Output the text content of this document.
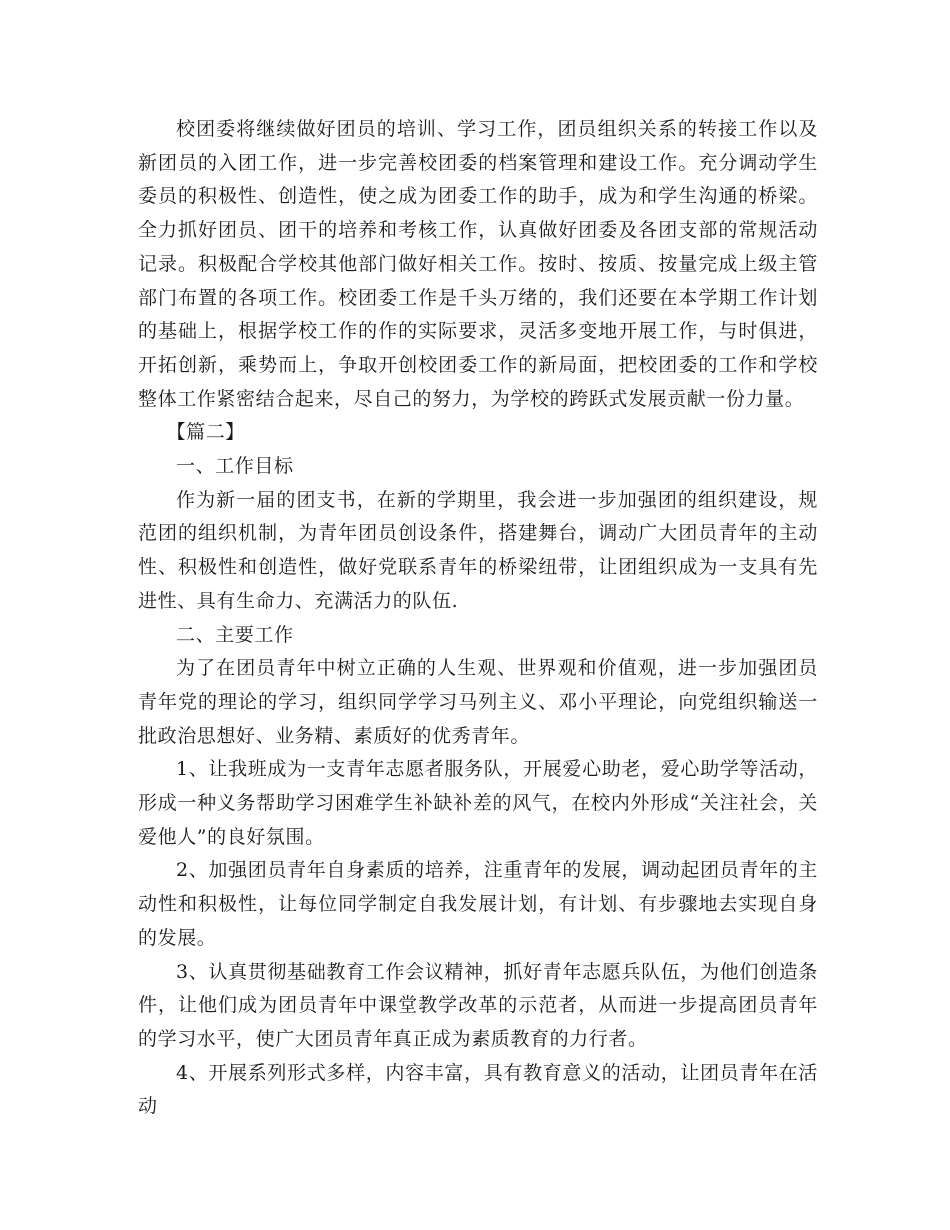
校团委将继续做好团员的培训、学习工作，团员组织关系的转接工作以及新团员的入团工作，进一步完善校团委的档案管理和建设工作。充分调动学生委员的积极性、创造性，使之成为团委工作的助手，成为和学生沟通的桥梁。全力抓好团员、团干的培养和考核工作，认真做好团委及各团支部的常规活动记录。积极配合学校其他部门做好相关工作。按时、按质、按量完成上级主管部门布置的各项工作。校团委工作是千头万绪的，我们还要在本学期工作计划的基础上，根据学校工作的作的实际要求，灵活多变地开展工作，与时俱进，开拓创新，乘势而上，争取开创校团委工作的新局面，把校团委的工作和学校整体工作紧密结合起来，尽自己的努力，为学校的跨跃式发展贡献一份力量。

【篇二】

一、工作目标

作为新一届的团支书，在新的学期里，我会进一步加强团的组织建设，规范团的组织机制，为青年团员创设条件，搭建舞台，调动广大团员青年的主动性、积极性和创造性，做好党联系青年的桥梁纽带，让团组织成为一支具有先进性、具有生命力、充满活力的队伍.

二、主要工作

为了在团员青年中树立正确的人生观、世界观和价值观，进一步加强团员青年党的理论的学习，组织同学学习马列主义、邓小平理论，向党组织输送一批政治思想好、业务精、素质好的优秀青年。

1、让我班成为一支青年志愿者服务队，开展爱心助老，爱心助学等活动，形成一种义务帮助学习困难学生补缺补差的风气，在校内外形成“关注社会，关爱他人”的良好氛围。

2、加强团员青年自身素质的培养，注重青年的发展，调动起团员青年的主动性和积极性，让每位同学制定自我发展计划，有计划、有步骤地去实现自身的发展。

3、认真贯彻基础教育工作会议精神，抓好青年志愿兵队伍，为他们创造条件，让他们成为团员青年中课堂教学改革的示范者，从而进一步提高团员青年的学习水平，使广大团员青年真正成为素质教育的力行者。

4、开展系列形式多样，内容丰富，具有教育意义的活动，让团员青年在活动
